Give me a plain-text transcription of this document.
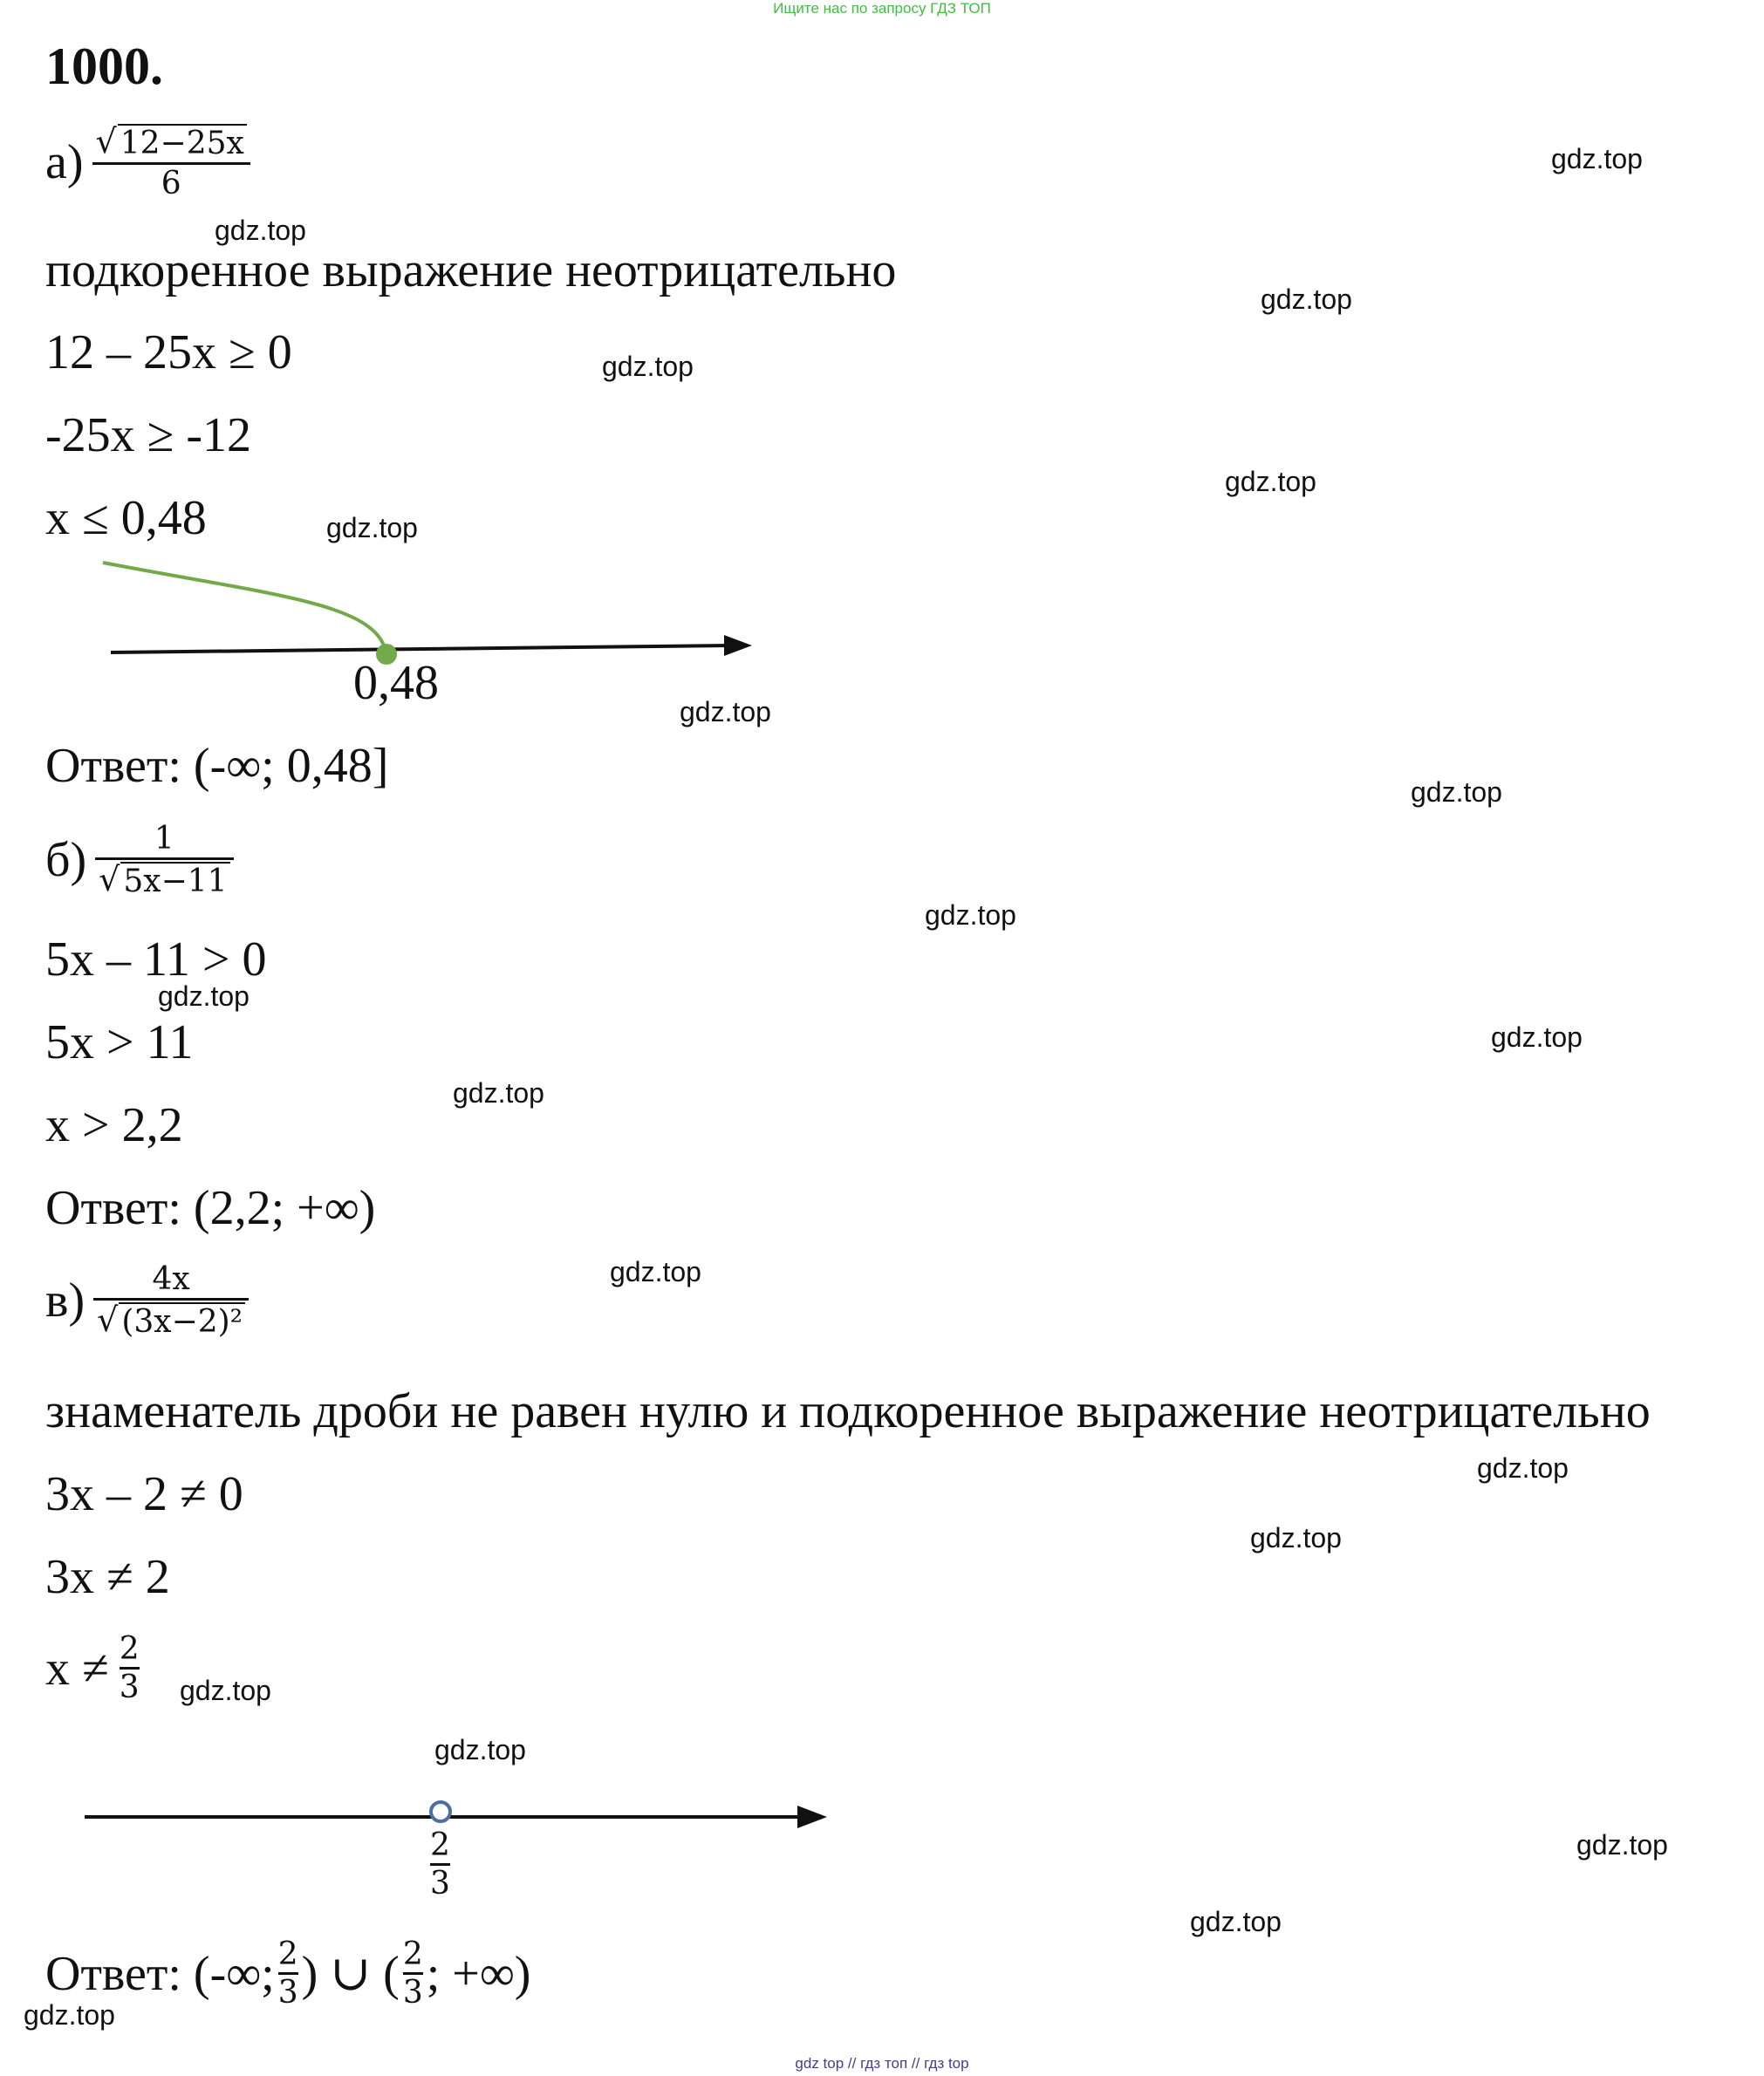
Ищите нас по запросу ГДЗ ТОП
1000.
$а) \frac{√ 12-25x}{6}$
подкоренное выражение неотрицательно
12 – 25x ≥ 0
-25x ≥ -12
x ≤ 0,48
0,48
Ответ: (-∞; 0,48]
$б) \frac{1}{√ 5x-11}$
5x – 11 > 0
5x > 11
x > 2,2
Ответ: (2,2; +∞)
$в) \frac{4x}{\text{√ (3x−2)²}}$
знаменатель дроби не равен нулю и подкоренное выражение неотрицательно
3x – 2 ≠ 0
3x ≠ 2
$x \ne \frac{2}{3}$
$\frac{2}{3}$
Ответ: (-∞; $\frac{2}{3}$ ) ∪ ( $\frac{2}{3}$ ; +∞)
gdz.top
gdz.top
gdz.top
gdz.top
gdz.top
gdz.top
gdz.top
gdz.top
gdz.top
gdz.top
gdz.top
gdz.top
gdz.top
gdz.top
gdz.top
gdz.top
gdz.top
gdz.top
gdz.top
gdz.top
gdz top // гдз топ // гдз top
